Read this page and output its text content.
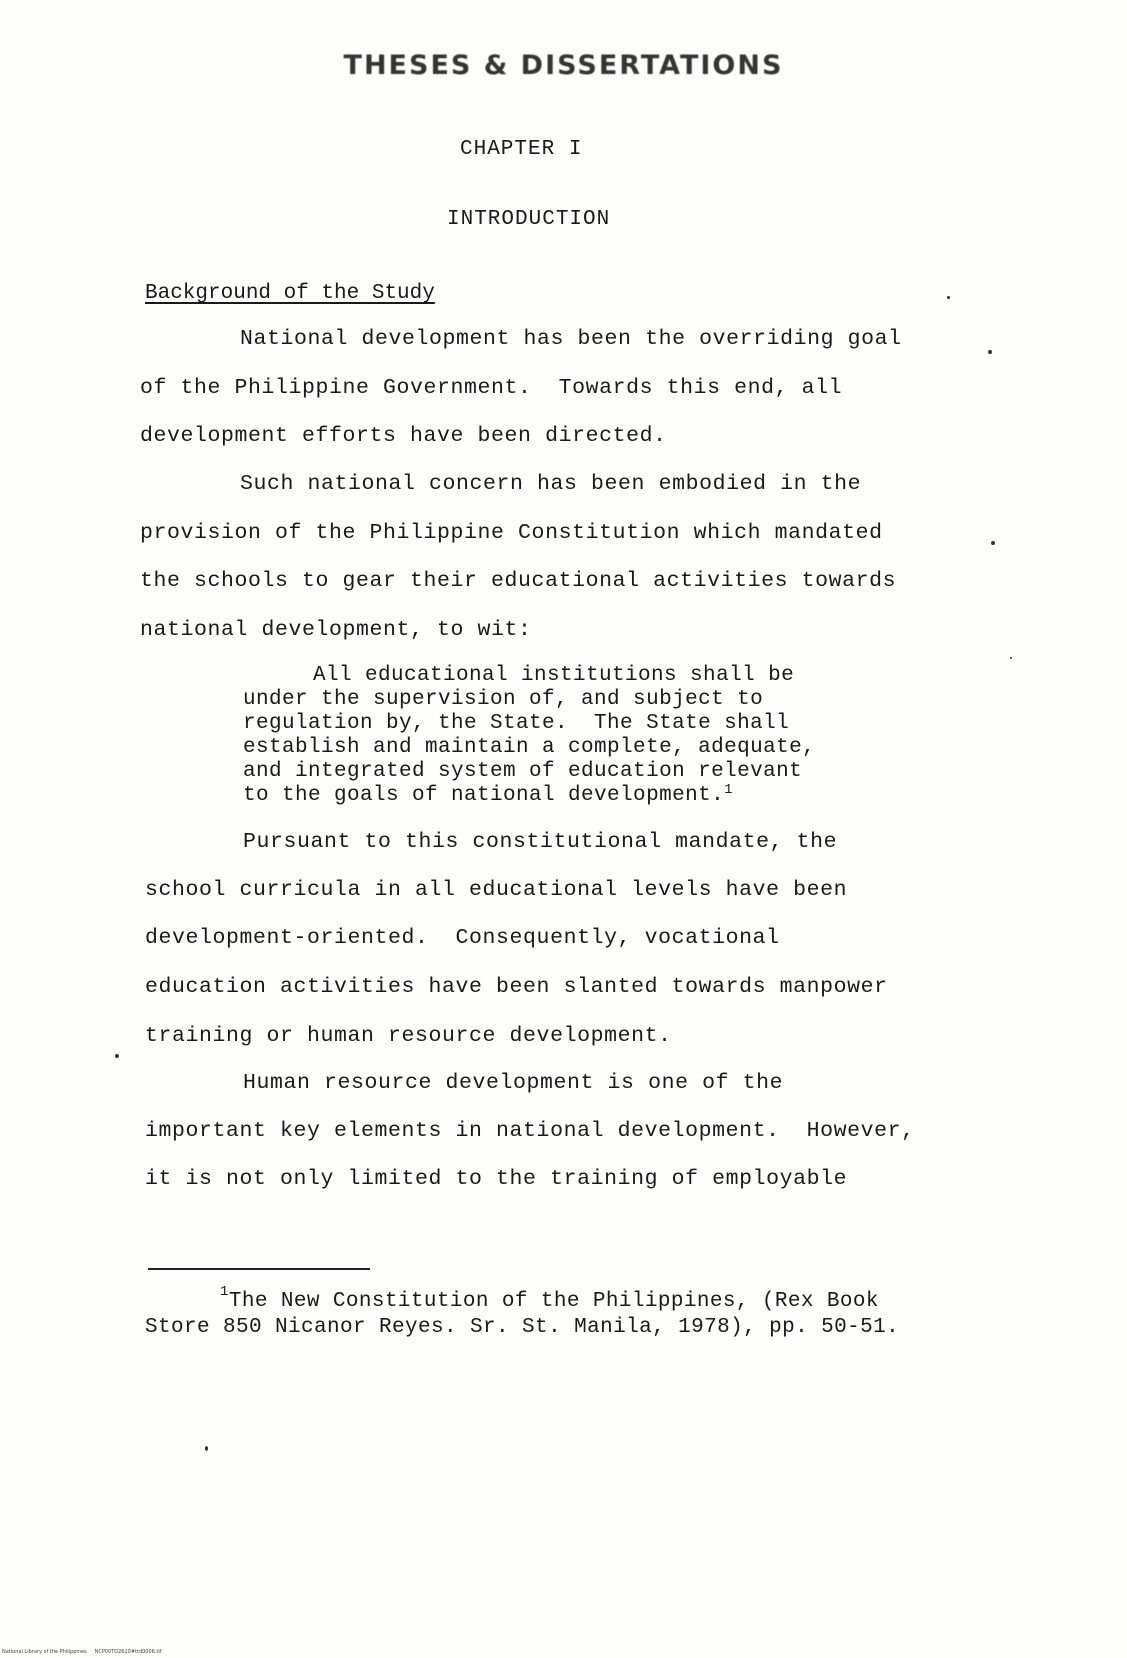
THESES & DISSERTATIONS
CHAPTER I
INTRODUCTION
Background of the Study
National development has been the overriding goal
of the Philippine Government.  Towards this end, all
development efforts have been directed.
Such national concern has been embodied in the
provision of the Philippine Constitution which mandated
the schools to gear their educational activities towards
national development, to wit:
All educational institutions shall be
under the supervision of, and subject to
regulation by, the State.  The State shall
establish and maintain a complete, adequate,
and integrated system of education relevant
to the goals of national development.$^1$
Pursuant to this constitutional mandate, the
school curricula in all educational levels have been
development-oriented.  Consequently, vocational
education activities have been slanted towards manpower
training or human resource development.
Human resource development is one of the
important key elements in national development.  However,
it is not only limited to the training of employable
$^1$The New Constitution of the Philippines, (Rex Book
Store 850 Nicanor Reyes. Sr. St. Manila, 1978), pp. 50-51.
National Library of the Philippines     NCP00TD2620#ttd0006.tif
